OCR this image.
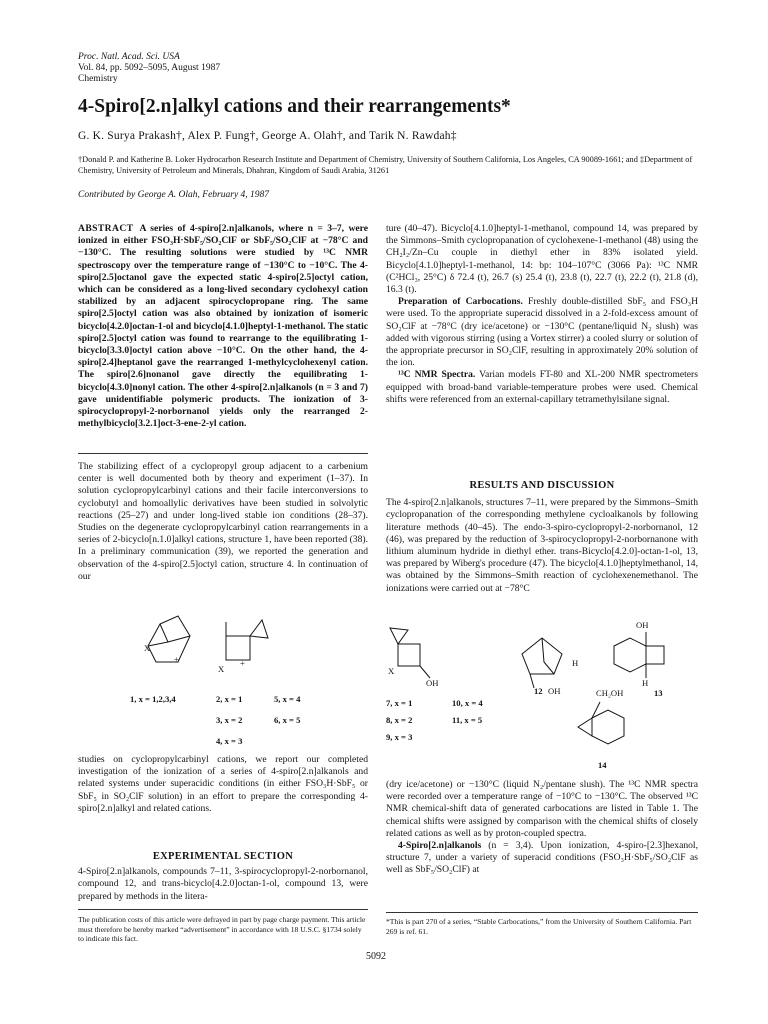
Proc. Natl. Acad. Sci. USA
Vol. 84, pp. 5092–5095, August 1987
Chemistry
4-Spiro[2.n]alkyl cations and their rearrangements*
G. K. Surya Prakash†, Alex P. Fung†, George A. Olah†, and Tarik N. Rawdah‡
†Donald P. and Katherine B. Loker Hydrocarbon Research Institute and Department of Chemistry, University of Southern California, Los Angeles, CA 90089-1661; and ‡Department of Chemistry, University of Petroleum and Minerals, Dhahran, Kingdom of Saudi Arabia, 31261
Contributed by George A. Olah, February 4, 1987
ABSTRACT A series of 4-spiro[2.n]alkanols, where n = 3–7, were ionized in either FSO₃H·SbF₅/SO₂ClF or SbF₅/SO₂ClF at −78°C and −130°C. The resulting solutions were studied by ¹³C NMR spectroscopy over the temperature range of −130°C to −10°C. The 4-spiro[2.5]octanol gave the expected static 4-spiro[2.5]octyl cation, which can be considered as a long-lived secondary cyclohexyl cation stabilized by an adjacent spirocyclopropane ring. The same spiro[2.5]octyl cation was also obtained by ionization of isomeric bicyclo[4.2.0]octan-1-ol and bicyclo[4.1.0]heptyl-1-methanol. The static spiro[2.5]octyl cation was found to rearrange to the equilibrating 1-bicyclo[3.3.0]octyl cation above −10°C. On the other hand, the 4-spiro[2.4]heptanol gave the rearranged 1-methylcyclohexenyl cation. The spiro[2.6]nonanol gave directly the equilibrating 1-bicyclo[4.3.0]nonyl cation. The other 4-spiro[2.n]alkanols (n = 3 and 7) gave unidentifiable polymeric products. The ionization of 3-spirocyclopropyl-2-norbornanol yields only the rearranged 2-methylbicyclo[3.2.1]oct-3-ene-2-yl cation.
The stabilizing effect of a cyclopropyl group adjacent to a carbenium center is well documented both by theory and experiment (1–37). In solution cyclopropylcarbinyl cations and their facile interconversions to cyclobutyl and homoallylic derivatives have been studied in solvolytic reactions (25–27) and under long-lived stable ion conditions (28–37). Studies on the degenerate cyclopropylcarbinyl cation rearrangements in a series of 2-bicyclo[n.1.0]alkyl cations, structure 1, have been reported (38). In a preliminary communication (39), we reported the generation and observation of the 4-spiro[2.5]octyl cation, structure 4. In continuation of our
X
+
X
+
1, x = 1,2,3,4	2, x = 1
3, x = 2
4, x = 3
5, x = 4
6, x = 5
studies on cyclopropylcarbinyl cations, we report our completed investigation of the ionization of a series of 4-spiro[2.n]alkanols and related systems under superacidic conditions (in either FSO₃H·SbF₅ or SbF₅ in SO₂ClF solution) in an effort to prepare the corresponding 4-spiro[2.n]alkyl and related cations.
EXPERIMENTAL SECTION
4-Spiro[2.n]alkanols, compounds 7–11, 3-spirocyclopropyl-2-norbornanol, compound 12, and trans-bicyclo[4.2.0]octan-1-ol, compound 13, were prepared by methods in the litera-
The publication costs of this article were defrayed in part by page charge payment. This article must therefore be hereby marked “advertisement” in accordance with 18 U.S.C. §1734 solely to indicate this fact.
ture (40–47). Bicyclo[4.1.0]heptyl-1-methanol, compound 14, was prepared by the Simmons–Smith cyclopropanation of cyclohexene-1-methanol (48) using the CH₂I₂/Zn–Cu couple in diethyl ether in 83% isolated yield. Bicyclo[4.1.0]heptyl-1-methanol, 14: bp: 104–107°C (3066 Pa): ¹³C NMR (C²HCl₃, 25°C) δ 72.4 (t), 26.7 (s) 25.4 (t), 23.8 (t), 22.7 (t), 22.2 (t), 21.8 (d), 16.3 (t).
Preparation of Carbocations. Freshly double-distilled SbF₅ and FSO₃H were used. To the appropriate superacid dissolved in a 2-fold-excess amount of SO₂ClF at −78°C (dry ice/acetone) or −130°C (pentane/liquid N₂ slush) was added with vigorous stirring (using a Vortex stirrer) a cooled slurry or solution of the appropriate precursor in SO₂ClF, resulting in approximately 20% solution of the ion.
¹³C NMR Spectra. Varian models FT-80 and XL-200 NMR spectrometers equipped with broad-band variable-temperature probes were used. Chemical shifts were referenced from an external-capillary tetramethylsilane signal.
RESULTS AND DISCUSSION
The 4-spiro[2.n]alkanols, structures 7–11, were prepared by the Simmons–Smith cyclopropanation of the corresponding methylene cycloalkanols by following literature methods (40–45). The endo-3-spiro-cyclopropyl-2-norbornanol, 12 (46), was prepared by the reduction of 3-spirocyclopropyl-2-norbornanone with lithium aluminum hydride in diethyl ether. trans-Bicyclo[4.2.0]-octan-1-ol, 13, was prepared by Wiberg's procedure (47). The bicyclo[4.1.0]heptylmethanol, 14, was obtained by the Simmons–Smith reaction of cyclohexenemethanol. The ionizations were carried out at −78°C
X
OH
H
OH
OH
H
CH₂OH
7, x = 1
8, x = 2
9, x = 3
10, x = 4
11, x = 5
12	13
14
(dry ice/acetone) or −130°C (liquid N₂/pentane slush). The ¹³C NMR spectra were recorded over a temperature range of −10°C to −130°C. The observed ¹³C NMR chemical-shift data of generated carbocations are listed in Table 1. The chemical shifts were assigned by comparison with the chemical shifts of closely related cations as well as by proton-coupled spectra.
4-Spiro[2.n]alkanols (n = 3,4). Upon ionization, 4-spiro-[2.3]hexanol, structure 7, under a variety of superacid conditions (FSO₃H·SbF₅/SO₂ClF as well as SbF₅/SO₂ClF) at
*This is part 270 of a series, “Stable Carbocations,” from the University of Southern California. Part 269 is ref. 61.
5092
